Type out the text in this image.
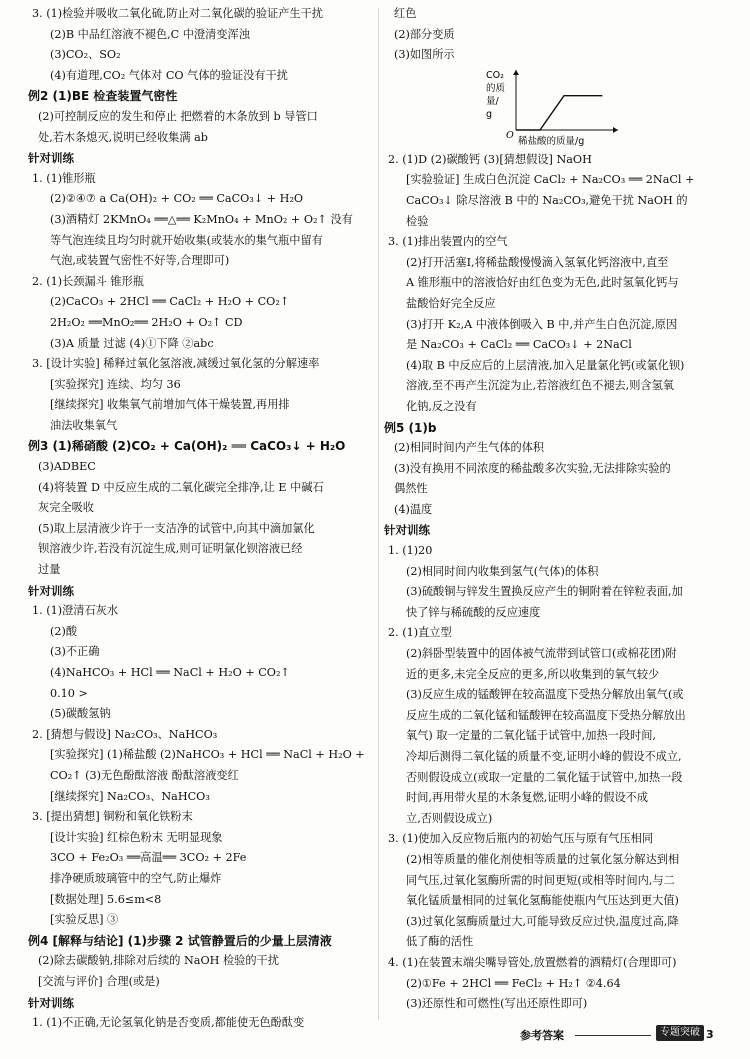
3. (1)检验并吸收二氧化硫,防止对二氧化碳的验证产生干扰

(2)B 中品红溶液不褪色,C 中澄清变浑浊

(3)CO₂、SO₂

(4)有道理,CO₂ 气体对 CO 气体的验证没有干扰

例2 (1)BE 检查装置气密性

(2)可控制反应的发生和停止 把燃着的木条放到 b 导管口

处,若木条熄灭,说明已经收集满 ab

针对训练

1. (1)锥形瓶

(2)②④⑦ a Ca(OH)₂ + CO₂ ══ CaCO₃↓ + H₂O

(3)酒精灯 2KMnO₄ ══△══ K₂MnO₄ + MnO₂ + O₂↑ 没有

等气泡连续且均匀时就开始收集(或装水的集气瓶中留有

气泡,或装置气密性不好等,合理即可)

2. (1)长颈漏斗 锥形瓶

(2)CaCO₃ + 2HCl ══ CaCl₂ + H₂O + CO₂↑

2H₂O₂ ══MnO₂══ 2H₂O + O₂↑ CD

(3)A 质量 过滤 (4)①下降 ②abc

3. [设计实验] 稀释过氧化氢溶液,减缓过氧化氢的分解速率

[实验探究] 连续、均匀 36

[继续探究] 收集氧气前增加气体干燥装置,再用排

油法收集氧气

例3 (1)稀硝酸 (2)CO₂ + Ca(OH)₂ ══ CaCO₃↓ + H₂O

(3)ADBEC

(4)将装置 D 中反应生成的二氧化碳完全排净,让 E 中碱石

灰完全吸收

(5)取上层清液少许于一支洁净的试管中,向其中滴加氯化

钡溶液少许,若没有沉淀生成,则可证明氯化钡溶液已经

过量

针对训练

1. (1)澄清石灰水

(2)酸

(3)不正确

(4)NaHCO₃ + HCl ══ NaCl + H₂O + CO₂↑

0.10 >

(5)碳酸氢钠

2. [猜想与假设] Na₂CO₃、NaHCO₃

[实验探究] (1)稀盐酸 (2)NaHCO₃ + HCl ══ NaCl + H₂O +

CO₂↑ (3)无色酚酞溶液 酚酞溶液变红

[继续探究] Na₂CO₃、NaHCO₃

3. [提出猜想] 铜粉和氧化铁粉末

[设计实验] 红棕色粉末 无明显现象

3CO + Fe₂O₃ ══高温══ 3CO₂ + 2Fe

排净硬质玻璃管中的空气,防止爆炸

[数据处理] 5.6≤m<8

[实验反思] ③

例4 [解释与结论] (1)步骤 2 试管静置后的少量上层清液

(2)除去碳酸钠,排除对后续的 NaOH 检验的干扰

[交流与评价] 合理(或是)

针对训练

1. (1)不正确,无论氢氧化钠是否变质,都能使无色酚酞变

红色

(2)部分变质

(3)如图所示

CO₂ 的质量/ g
O
稀盐酸的质量/g

2. (1)D (2)碳酸钙 (3)[猜想假设] NaOH

[实验验证] 生成白色沉淀 CaCl₂ + Na₂CO₃ ══ 2NaCl +

CaCO₃↓ 除尽溶液 B 中的 Na₂CO₃,避免干扰 NaOH 的

检验

3. (1)排出装置内的空气

(2)打开活塞Ⅰ,将稀盐酸慢慢滴入氢氧化钙溶液中,直至

A 锥形瓶中的溶液恰好由红色变为无色,此时氢氧化钙与

盐酸恰好完全反应

(3)打开 K₂,A 中液体倒吸入 B 中,并产生白色沉淀,原因

是 Na₂CO₃ + CaCl₂ ══ CaCO₃↓ + 2NaCl

(4)取 B 中反应后的上层清液,加入足量氯化钙(或氯化钡)

溶液,至不再产生沉淀为止,若溶液红色不褪去,则含氢氧

化钠,反之没有

例5 (1)b

(2)相同时间内产生气体的体积

(3)没有换用不同浓度的稀盐酸多次实验,无法排除实验的

偶然性

(4)温度

针对训练

1. (1)20

(2)相同时间内收集到氢气(气体)的体积

(3)硫酸铜与锌发生置换反应产生的铜附着在锌粒表面,加

快了锌与稀硫酸的反应速度

2. (1)直立型

(2)斜卧型装置中的固体被气流带到试管口(或棉花团)附

近的更多,未完全反应的更多,所以收集到的氧气较少

(3)反应生成的锰酸钾在较高温度下受热分解放出氧气(或

反应生成的二氧化锰和锰酸钾在较高温度下受热分解放出

氧气) 取一定量的二氧化锰于试管中,加热一段时间,

冷却后测得二氧化锰的质量不变,证明小峰的假设不成立,

否则假设成立(或取一定量的二氧化锰于试管中,加热一段

时间,再用带火星的木条复燃,证明小峰的假设不成

立,否则假设成立)

3. (1)使加入反应物后瓶内的初始气压与原有气压相同

(2)相等质量的催化剂使相等质量的过氧化氢分解达到相

同气压,过氧化氢酶所需的时间更短(或相等时间内,与二

氧化锰质量相同的过氧化氢酶能使瓶内气压达到更大值)

(3)过氧化氢酶质量过大,可能导致反应过快,温度过高,降

低了酶的活性

4. (1)在装置末端尖嘴导管处,放置燃着的酒精灯(合理即可)

(2)①Fe + 2HCl ══ FeCl₂ + H₂↑ ②4.64

(3)还原性和可燃性(写出还原性即可)

参考答案	专题突破 3
